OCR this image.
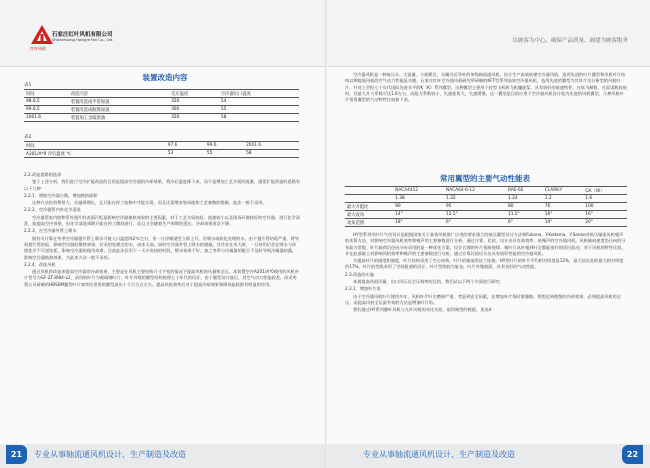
红叶风机
石家庄红叶风机有限公司
Shijiazhuang Hongye Fan Co., Ltd.	以顾客为中心、确保产品质量、阔建为顾客服务
装置改造内容
表1
时间	改造内容	反应温度	空冷器出口温度
98.6.5	装置改造成半常加氢	320	54
99.6.5	装置改造成航煤加氢	300	55
2001.6	装置加工含硫原油	320	58
表2
时间	97.6	99.6	2001.6
A201/A*0 冷后温度 ℃	53	55	58

2.2.改造思路的选择

鉴于上述分析，我们进行空冷扩能改造的目的是提高空冷器的冷却效果，将冷后温度降下来，而不是增加工艺介质的流量，通常扩能改造的思路有以下几种：

2.2.1、增加空冷器台数，增加换热面积

这种方法投资费用大，实施周期长，且只能在停工检修中才能实现，而且还需增安装场地和工艺参数的限制，此法一般不采用。

2.2.2、空冷器管内外化学清洗

空冷器管束内壁和管外翅片的表面污垢是影响空冷器换热效果的主要因素，对于工艺介质较轻、流速较小以及现场环境较好的空冷器，进行化学清洗，能提高空冷效果，但化学清洗周期只能在停工期间进行，而且又会随着生产周期的延长，冷却效果再次下降。

2.2.3、在空冷器外管上喷水

据有关计算在冬季空冷器翅片管上喷水可使入口温度降2℃左右，但一旦停喷就会立即上升，若喷水或软化处理的水，由于翅片管结垢严重，将导致翅片管结垢，影响空冷器的散热效果，若采用处理过的水，成本太高。同时空冷器外管上喷水的措施，其作业在风大时，一旦停用后会在喷水与环境化学不可逆结垢，影响空冷器的使用寿命，目前此法仅用于一天中炎热的时段，喷水效果不好，加之冬季与冷凝器的配合不及时导致冷凝器结露，影响空冷器换热效果，为此本方法一般不采用。

2.2.4、改选风机

通过风机的改造来提高空冷器的冷却效果，主要是在风机主要结构尺寸不变的情况下提高风机的风量和全压。本装置空冷A201/A*0使用的风机叶片型号为GF-ZF3084-x2，采用的叶片为玻璃钢叶片，叶片外缘的翼型结构按照七十年代的设计，由于翼型设计落后，其空气动力性能较差。而采用我公司研制的HBS0M翼型叶片效率比常用的翼型高出十个百分点左右。提高风机效率后对于提高冷却效果和降低能耗都有明显的作用。

空冷器风机是一种低压头、大流量、小轮毂比、无蜗壳后导叶的单级轴流通风机，设计生产高效低噪空冷器风机，选用先进的叶片翼型和风机叶片结构以期提高风机的空气动力性能是关键。石家庄红叶空冷器风机研究所研制的KFT型系列高效空冷器风机，选用先进的翼型为其叶片设计新型的风机叶片，针对上世纪七十年代国际先进水平的K（K）系列翼型，这种翼型主要用于轻型飞机和飞机螺旋桨，具有较好的低速特性、在低马赫数、在雷诺数较低时，其最大升力系数可达1.6左右，而阻力系数较小，失速迎角大，失速缓慢，这一翼型是目前应用于空冷器风机设计较为先进的风机翼型，几种风机叶片常用翼型的气动特性比较如下表。

常用翼型的主要气动性能表
	NACA4412	NACA64-6-12	RAE-6E	CLARK-Y	GA（W）
	1.38	1.32	1.24	1.2	1.6
最大升阻比	90	95	80	76	100
最大攻角	14°	12.5°	11.5°	16°	16°
攻角范围	18°	6°	6°	10°	20°

HY型系列风叶片气动设计是根据国家关于高效风机推广应用的要求建立的低压翼型设计方法和Fukano、Y.Kodama、Y.Senoo对低压轴流风机噪声的估算方法，对影响空冷器风机效率和噪声的主要参数进行分析、通过计算、比较，设计出具有高效率、低噪声的空冷器风机。风机轴向速度沿径向的分布取为常数，叶片载荷沿径向分布采用的是一种优化方案，设计合理的叶片扭曲规律，使叶片从叶根到叶尖都能很好的适应流动，对于风机的特性比较，并在此基础上对影响风机效率和噪声的主要参数进行分析，通过计算比较设计出具有较好性能的空冷器风机。

为提高叶片的刚度和强度，叶片结构采用了空心结构，叶片的根部用法兰连接。HY型叶片的叶片平均相对厚度是12%，最大弦长处的最大相对厚度约17%。叶片的型线采用了空间扭曲的设计，叶片型线较为复杂，叶片外缘曲面，具有良好的气动性能。

2.3.改造的实施

本着提高风机风量、出口风压及全压效率的目的，我们从以下两个方面进行研究：

2.3.1、增加叶片角

由于空冷器风机叶片使用多年，风机叶片叶尖磨损严重，考虑到安全因素，在增加叶片角时需谨慎，要想达到理想的冷却效果，必须提高风机的全压，而提高风机全压最有效的方法是增加叶片角。

我们通过HY系列翼叶风机与九叶风机的对比实验，取得典型的数据，见表4：

21	专业从事轴流通风机设计、生产制造及改造	专业从事轴流通风机设计、生产制造及改造	22
